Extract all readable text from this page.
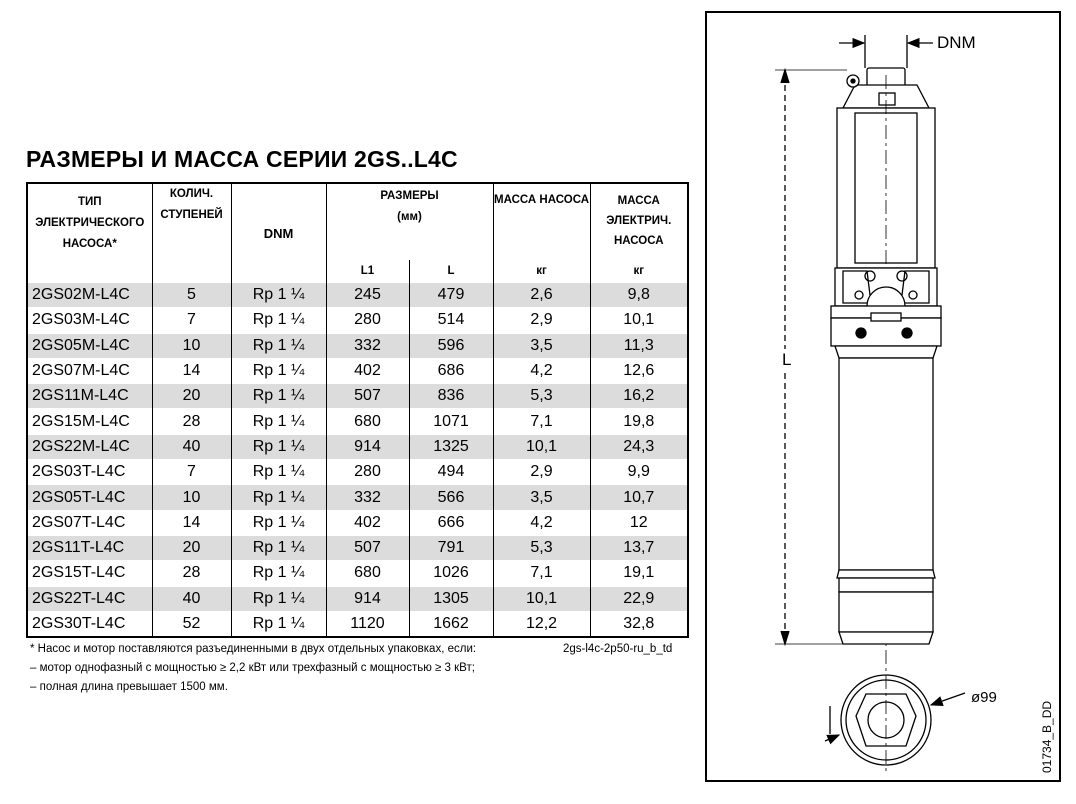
РАЗМЕРЫ И МАССА СЕРИИ 2GS..L4C
ТИП ЭЛЕКТРИЧЕСКОГО НАСОСА*	КОЛИЧ. СТУПЕНЕЙ	DNM	РАЗМЕРЫ
(мм)		МАССА НАСОСА	МАССА ЭЛЕКТРИЧ. НАСОСА
			L1	L	кг	кг
2GS02M-L4C	5	Rp 1 ¼	245	479	2,6	9,8
2GS03M-L4C	7	Rp 1 ¼	280	514	2,9	10,1
2GS05M-L4C	10	Rp 1 ¼	332	596	3,5	11,3
2GS07M-L4C	14	Rp 1 ¼	402	686	4,2	12,6
2GS11M-L4C	20	Rp 1 ¼	507	836	5,3	16,2
2GS15M-L4C	28	Rp 1 ¼	680	1071	7,1	19,8
2GS22M-L4C	40	Rp 1 ¼	914	1325	10,1	24,3
2GS03T-L4C	7	Rp 1 ¼	280	494	2,9	9,9
2GS05T-L4C	10	Rp 1 ¼	332	566	3,5	10,7
2GS07T-L4C	14	Rp 1 ¼	402	666	4,2	12
2GS11T-L4C	20	Rp 1 ¼	507	791	5,3	13,7
2GS15T-L4C	28	Rp 1 ¼	680	1026	7,1	19,1
2GS22T-L4C	40	Rp 1 ¼	914	1305	10,1	22,9
2GS30T-L4C	52	Rp 1 ¼	1120	1662	12,2	32,8
* Насос и мотор поставляются разъединенными в двух отдельных упаковках, если:
– мотор однофазный с мощностью ≥ 2,2 кВт или трехфазный с мощностью ≥ 3 кВт;
– полная длина превышает 1500 мм.
2gs-l4c-2p50-ru_b_td
DNM
L
ø99
01734_B_DD
